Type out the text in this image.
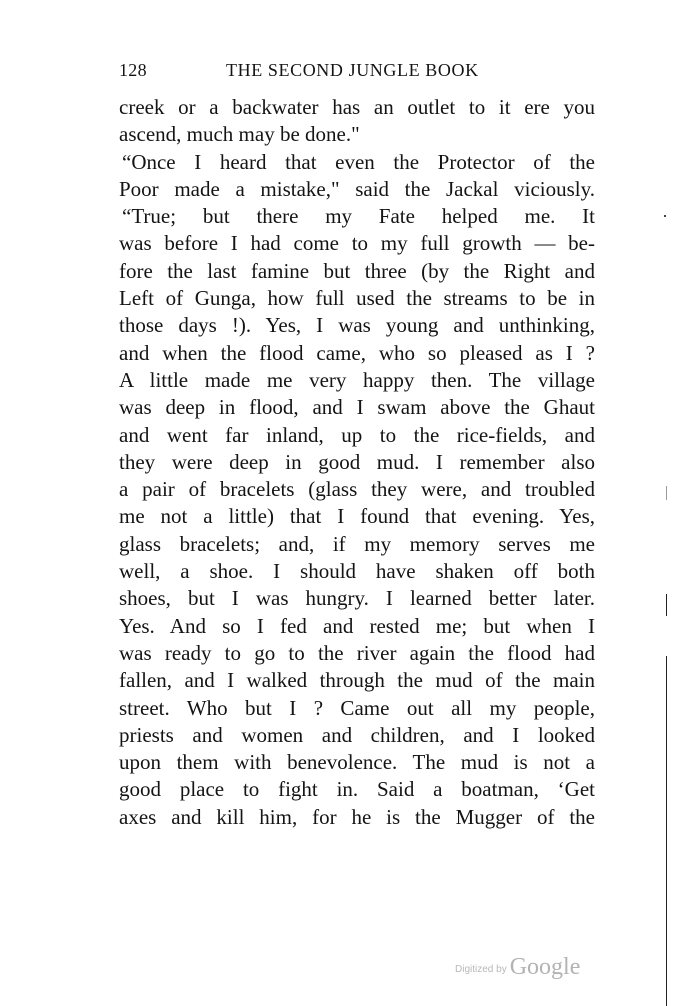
128	THE SECOND JUNGLE BOOK
creek or a backwater has an outlet to it ere you
ascend, much may be done."
“Once I heard that even the Protector of the
Poor made a mistake," said the Jackal viciously.
“True; but there my Fate helped me. It
was before I had come to my full growth — be-
fore the last famine but three (by the Right and
Left of Gunga, how full used the streams to be in
those days !). Yes, I was young and unthinking,
and when the flood came, who so pleased as I ?
A little made me very happy then. The village
was deep in flood, and I swam above the Ghaut
and went far inland, up to the rice-fields, and
they were deep in good mud. I remember also
a pair of bracelets (glass they were, and troubled
me not a little) that I found that evening. Yes,
glass bracelets; and, if my memory serves me
well, a shoe. I should have shaken off both
shoes, but I was hungry. I learned better later.
Yes. And so I fed and rested me; but when I
was ready to go to the river again the flood had
fallen, and I walked through the mud of the main
street. Who but I ? Came out all my people,
priests and women and children, and I looked
upon them with benevolence. The mud is not a
good place to fight in. Said a boatman, ‘Get
axes and kill him, for he is the Mugger of the
Digitized by Google
